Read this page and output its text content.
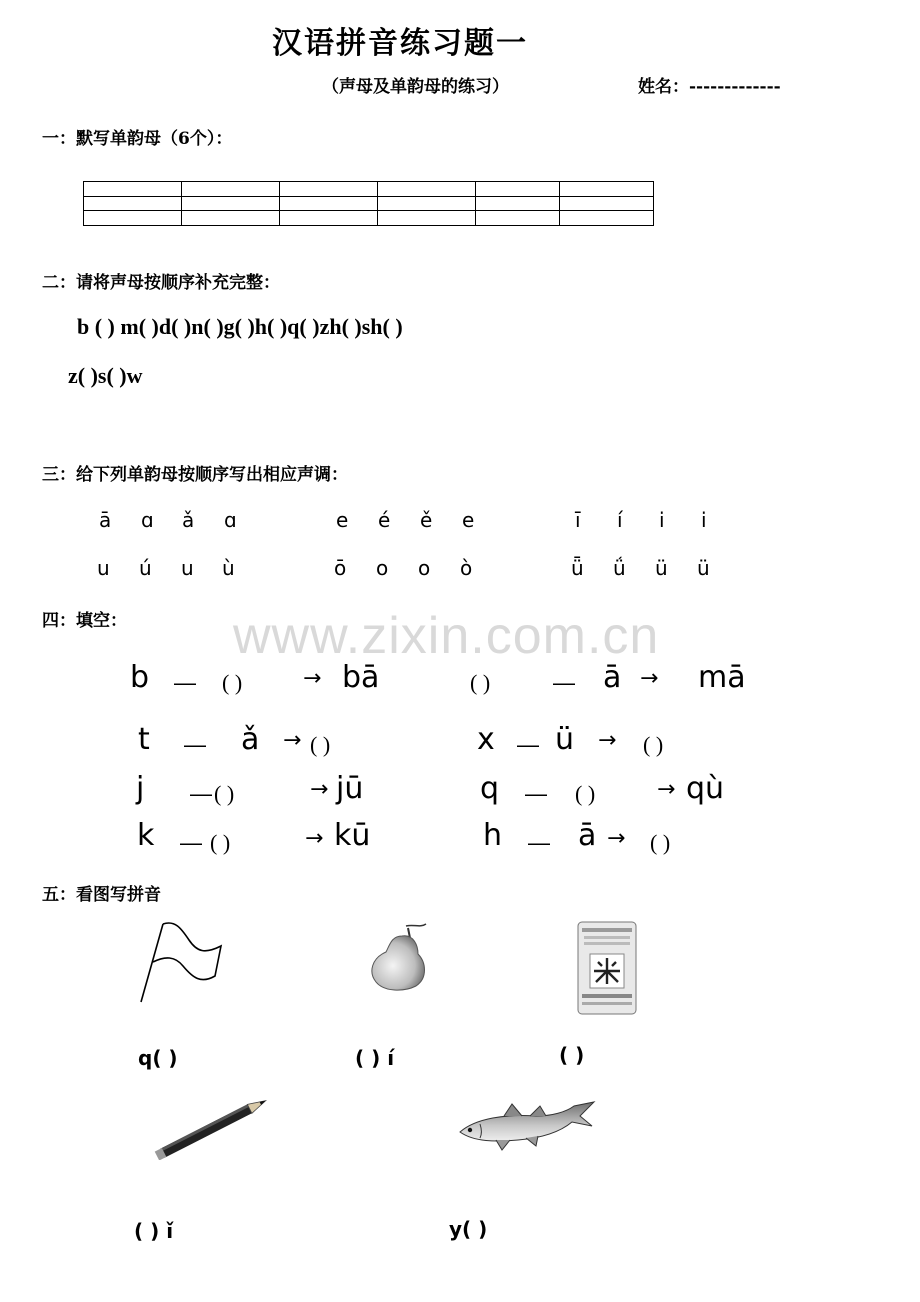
汉语拼音练习题一
（声母及单韵母的练习）	姓名：-------------
一：默写单韵母（6个）：

二：请将声母按顺序补充完整：
b ( ) m( )d( )n( )g( )h( )q( )zh( )sh( )
z( )s( )w
三：给下列单韵母按顺序写出相应声调：
ā ɑ ǎ ɑ	e é ě e	ī í i i
u ú u ù	ō o o ò	ǖ ǘ ü ü
四：填空： www.zixin.com.cn
b — ( )	→ bā	( )	— ā → mā
t — ǎ → ( )	x — ü → ( )
j — ( )	→ jū	q — ( )	→ qù
k — ( )	→ kū	h — ā → ( )
五：看图写拼音
q( )	( ) í	( )
( ) ǐ	y( )
